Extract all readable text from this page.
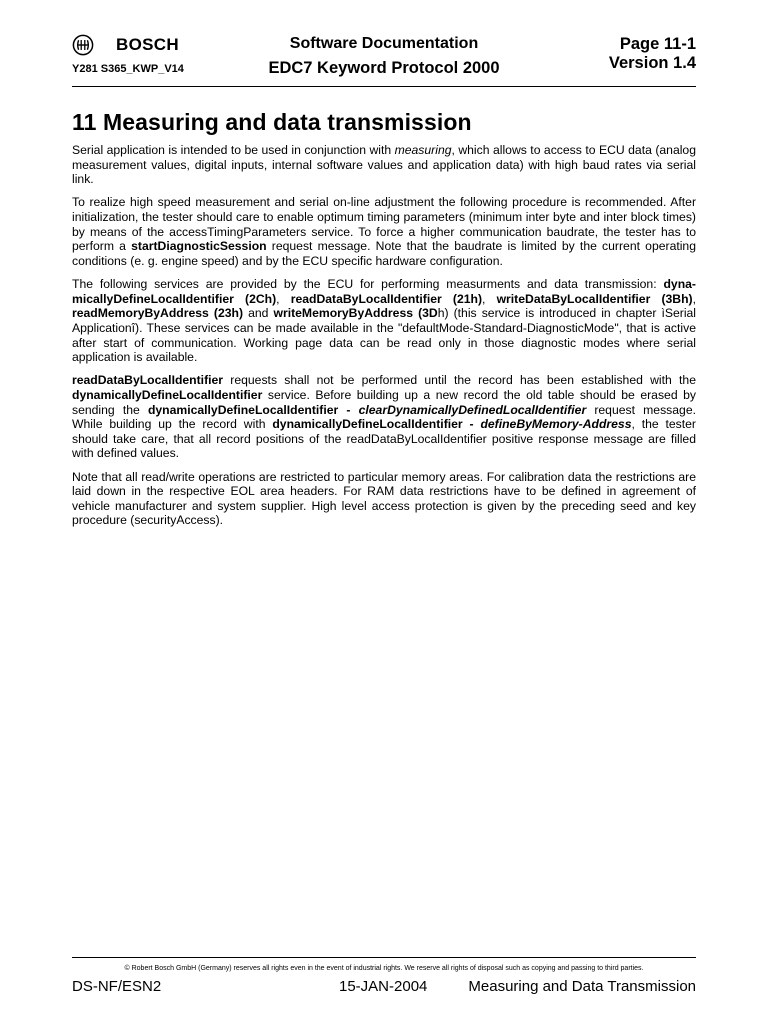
BOSCH
Y281 S365_KWP_V14
Software Documentation
EDC7 Keyword Protocol 2000
Page 11-1
Version 1.4
11 Measuring and data transmission

Serial application is intended to be used in conjunction with measuring, which allows to access to ECU data (analog measurement values, digital inputs, internal software values and application data) with high baud rates via serial link.

To realize high speed measurement and serial on-line adjustment the following procedure is recommended. After initialization, the tester should care to enable optimum timing parameters (minimum inter byte and inter block times) by means of the accessTimingParameters service. To force a higher communication baudrate, the tester has to perform a startDiagnosticSession request message. Note that the baudrate is limited by the current operating conditions (e. g. engine speed) and by the ECU specific hardware configuration.

The following services are provided by the ECU for performing measurments and data transmission: dyna-micallyDefineLocalIdentifier (2Ch), readDataByLocalIdentifier (21h), writeDataByLocalIdentifier (3Bh), readMemoryByAddress (23h) and writeMemoryByAddress (3Dh) (this service is introduced in chapter ìSerial Applicationî). These services can be made available in the "defaultMode-Standard-DiagnosticMode", that is active after start of communication. Working page data can be read only in those diagnostic modes where serial application is available.

readDataByLocalIdentifier requests shall not be performed until the record has been established with the dynamicallyDefineLocalIdentifier service. Before building up a new record the old table should be erased by sending the dynamicallyDefineLocalIdentifier - clearDynamicallyDefinedLocalIdentifier request message. While building up the record with dynamicallyDefineLocalIdentifier - defineByMemory-Address, the tester should take care, that all record positions of the readDataByLocalIdentifier positive response message are filled with defined values.

Note that all read/write operations are restricted to particular memory areas. For calibration data the restrictions are laid down in the respective EOL area headers. For RAM data restrictions have to be defined in agreement of vehicle manufacturer and system supplier. High level access protection is given by the preceding seed and key procedure (securityAccess).

© Robert Bosch GmbH (Germany) reserves all rights even in the event of industrial rights. We reserve all rights of disposal such as copying and passing to third parties.
DS-NF/ESN2	15-JAN-2004	Measuring and Data Transmission
